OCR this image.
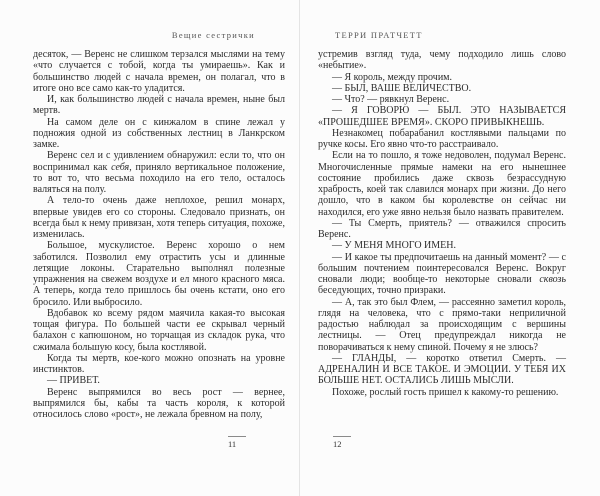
Вещие сестрички

десяток, — Веренс не слишком терзался мыслями на тему «что случается с тобой, когда ты умираешь». Как и большинство людей с начала времен, он полагал, что в итоге оно все само как-то уладится.

И, как большинство людей с начала времен, ныне был мертв.

На самом деле он с кинжалом в спине лежал у подножия одной из собственных лестниц в Ланкрском замке.

Веренс сел и с удивлением обнаружил: если то, что он воспринимал как себя, приняло вертикальное положение, то вот то, что весьма походило на его тело, осталось валяться на полу.

А тело-то очень даже неплохое, решил монарх, впервые увидев его со стороны. Следовало признать, он всегда был к нему привязан, хотя теперь ситуация, похоже, изменилась.

Большое, мускулистое. Веренс хорошо о нем заботился. Позволил ему отрастить усы и длинные летящие локоны. Старательно выполнял полезные упражнения на свежем воздухе и ел много красного мяса. А теперь, когда тело пришлось бы очень кстати, оно его бросило. Или выбросило.

Вдобавок ко всему рядом маячила какая-то высокая тощая фигура. По большей части ее скрывал черный балахон с капюшоном, но торчащая из складок рука, что сжимала большую косу, была костлявой.

Когда ты мертв, кое-кого можно опознать на уровне инстинктов.

— ПРИВЕТ.

Веренс выпрямился во весь рост — вернее, выпрямился бы, кабы та часть короля, к которой относилось слово «рост», не лежала бревном на полу,

11
ТЕРРИ ПРАТЧЕТТ

устремив взгляд туда, чему подходило лишь слово «небытие».

— Я король, между прочим.

— БЫЛ, ВАШЕ ВЕЛИЧЕСТВО.

— Что? — рявкнул Веренс.

— Я ГОВОРЮ — БЫЛ. ЭТО НАЗЫВАЕТСЯ «ПРОШЕДШЕЕ ВРЕМЯ». СКОРО ПРИВЫКНЕШЬ.

Незнакомец побарабанил костлявыми пальцами по ручке косы. Его явно что-то расстраивало.

Если на то пошло, я тоже недоволен, подумал Веренс. Многочисленные прямые намеки на его нынешнее состояние пробились даже сквозь безрассудную храбрость, коей так славился монарх при жизни. До него дошло, что в каком бы королевстве он сейчас ни находился, его уже явно нельзя было назвать правителем.

— Ты Смерть, приятель? — отважился спросить Веренс.

— У МЕНЯ МНОГО ИМЕН.

— И какое ты предпочитаешь на данный момент? — с большим почтением поинтересовался Веренс. Вокруг сновали люди; вообще-то некоторые сновали сквозь беседующих, точно призраки.

— А, так это был Флем, — рассеянно заметил король, глядя на человека, что с прямо-таки неприличной радостью наблюдал за происходящим с вершины лестницы. — Отец предупреждал никогда не поворачиваться к нему спиной. Почему я не злюсь?

— ГЛАНДЫ, — коротко ответил Смерть. — АДРЕНАЛИН И ВСЕ ТАКОЕ. И ЭМОЦИИ. У ТЕБЯ ИХ БОЛЬШЕ НЕТ. ОСТАЛИСЬ ЛИШЬ МЫСЛИ.

Похоже, рослый гость пришел к какому-то решению.

12
